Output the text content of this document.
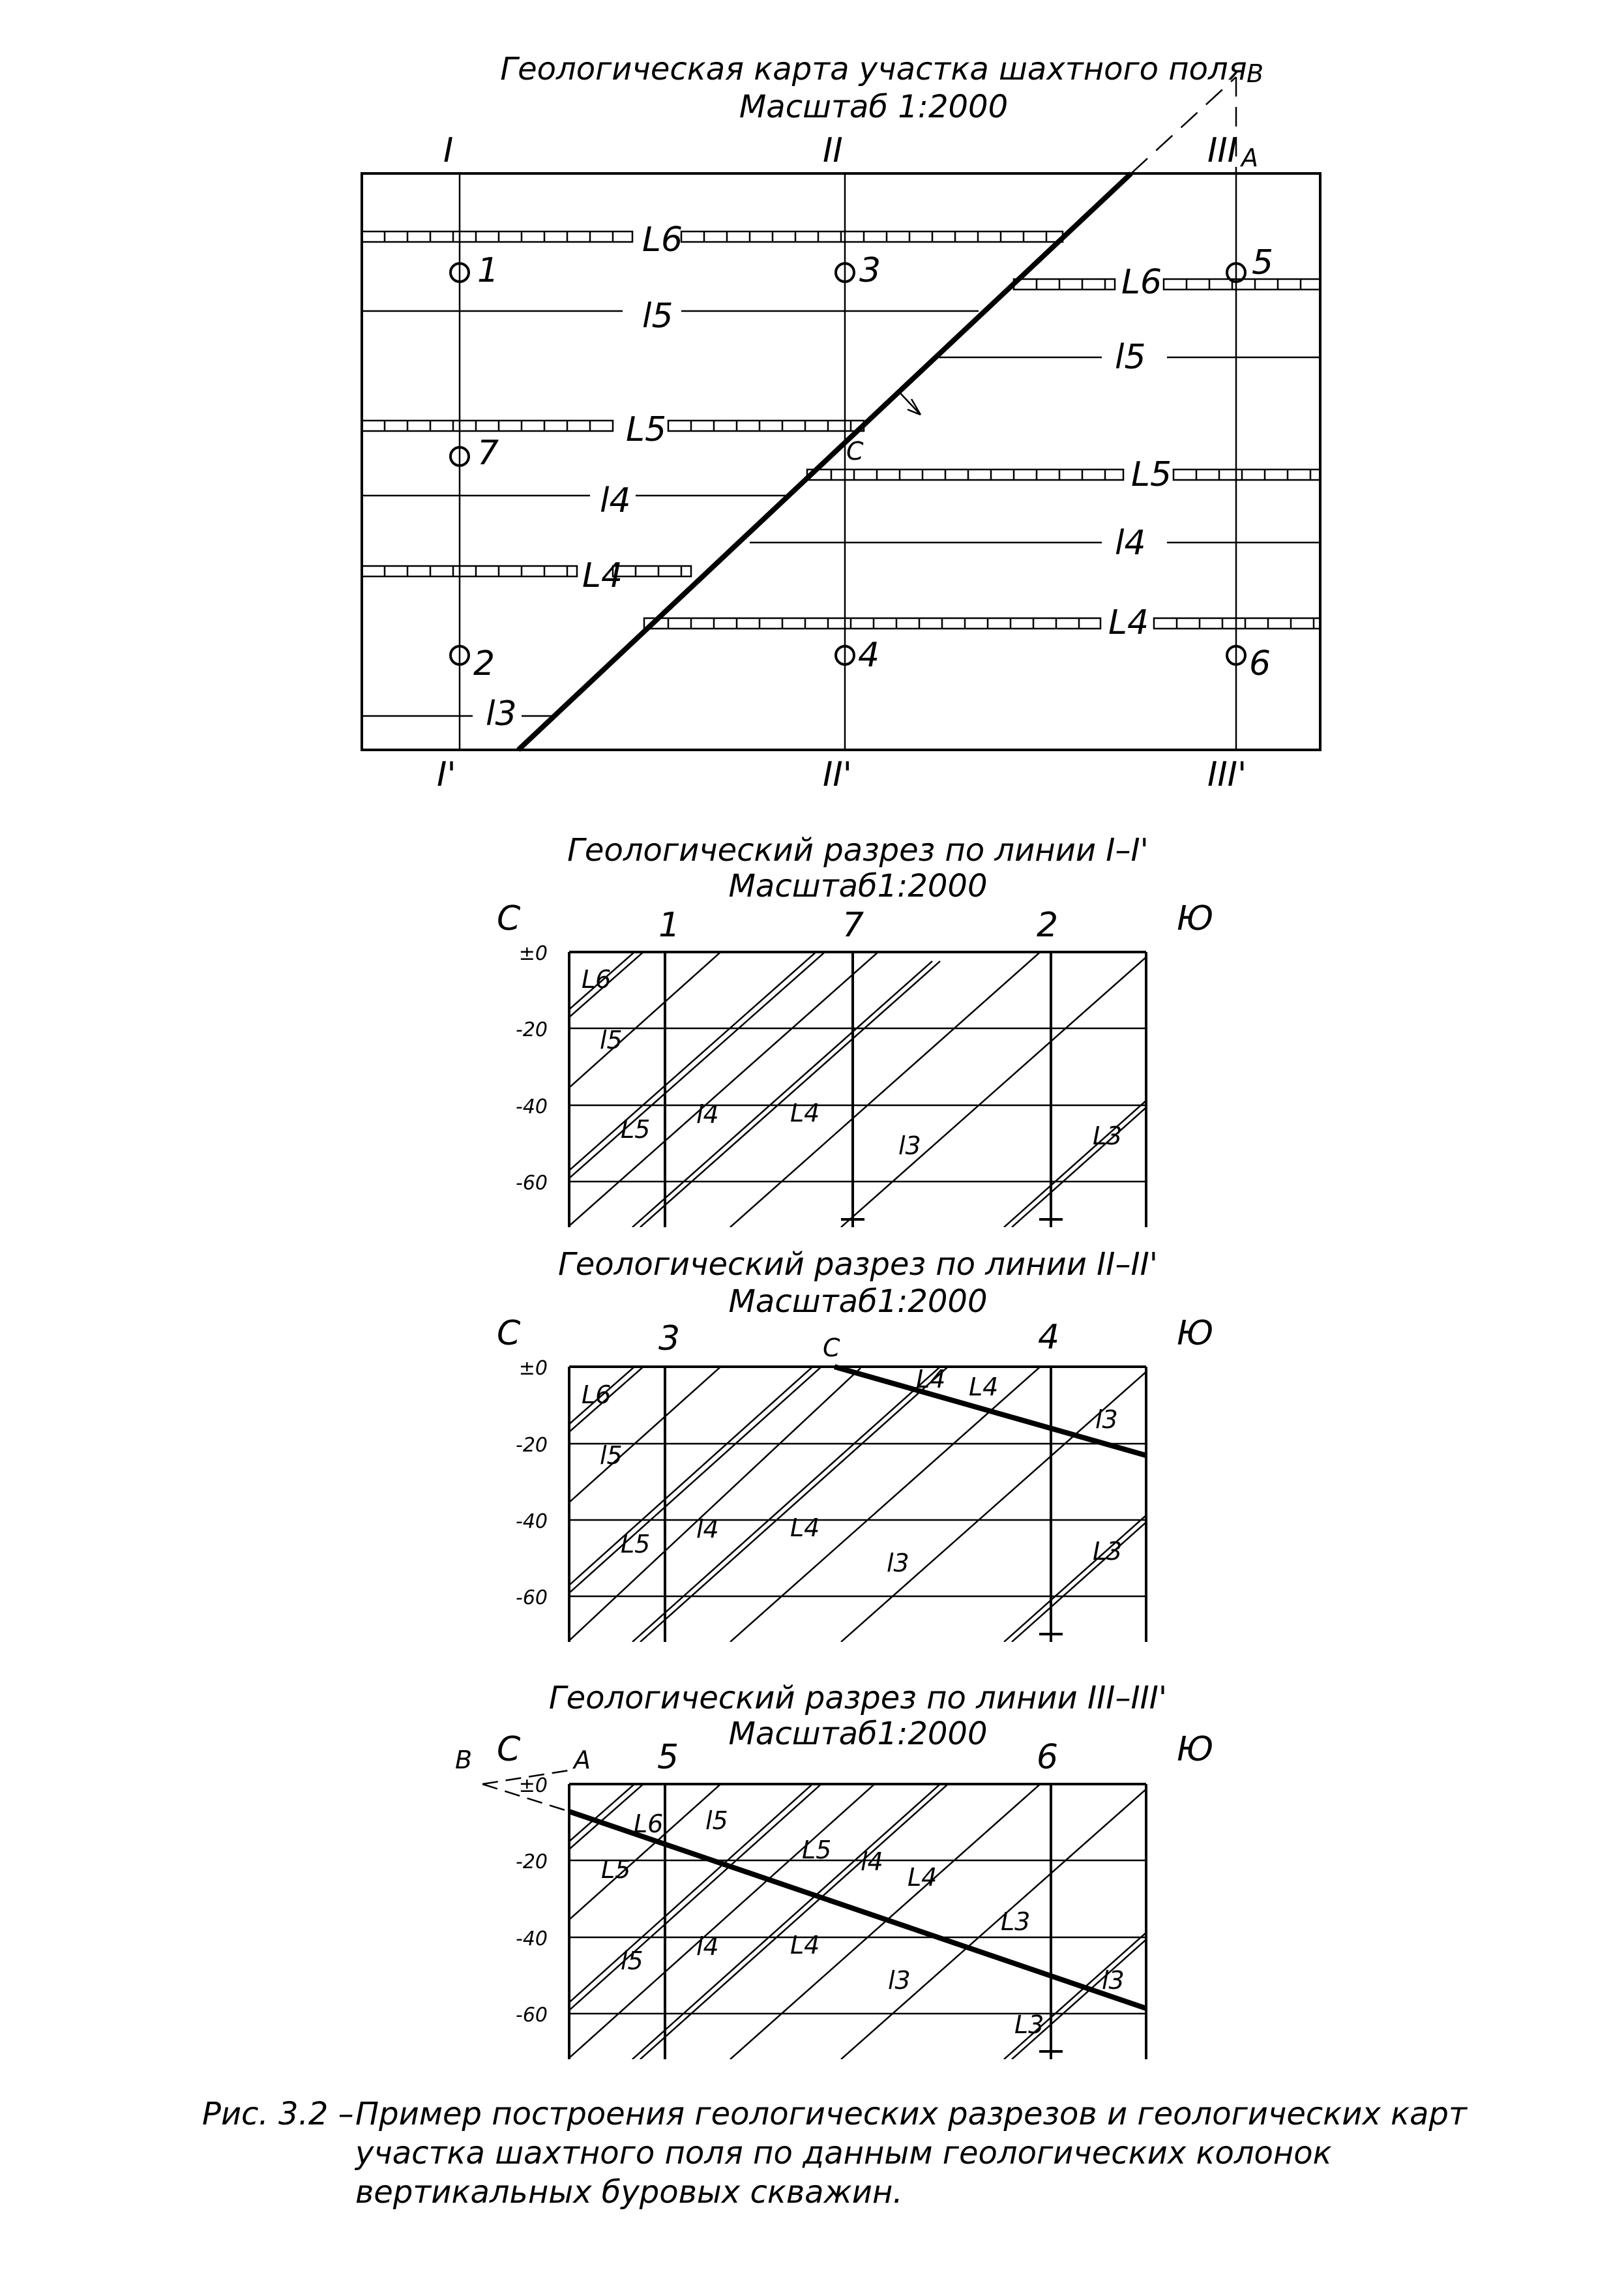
Геологическая карта участка шахтного поля
Масштаб 1:2000
I	II	III
I'	II'	III'
B
A
C
L6
L6
l5
l5
L5
L5
l4
l4
L4
L4
l3
1	3	5
7
2	4	6
Геологический разрез по линии I–I'
Масштаб1:2000
С	Ю
1	7	2
L6
l5
L5
l4	L4
l3	L3
±0
-20
-40
-60
Геологический разрез по линии II–II'
Масштаб1:2000
С	Ю
3	4
С
L6
l5
L5
l4	L4
l3	L3
L4 L4
l3
±0
-20
-40
-60
Геологический разрез по линии III–III'
Масштаб1:2000
С	Ю
5	6
В	А
L6
L5
l5
L5 l4
L4
l5 l4	L4
l3
L3
l3
L3
±0
-20
-40
-60
Рис. 3.2 – Пример построения геологических разрезов и геологических карт
участка шахтного поля по данным геологических колонок
вертикальных буровых скважин.
